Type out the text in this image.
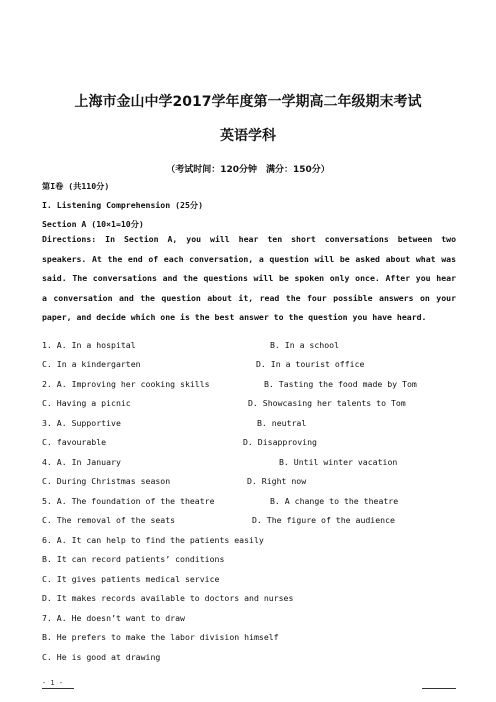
上海市金山中学2017学年度第一学期高二年级期末考试
英语学科
（考试时间：120分钟　满分：150分）
第I卷 (共110分)
I. Listening Comprehension (25分)
Section A (10×1=10分)
Directions: In Section A, you will hear ten short conversations between two speakers. At the end of each conversation, a question will be asked about what was said. The conversations and the questions will be spoken only once. After you hear a conversation and the question about it, read the four possible answers on your paper, and decide which one is the best answer to the question you have heard.
1. A. In a hospital	B. In a school
C. In a kindergarten	D. In a tourist office
2. A. Improving her cooking skills	B. Tasting the food made by Tom
C. Having a picnic	D. Showcasing her talents to Tom
3. A. Supportive	B. neutral
C. favourable	D. Disapproving
4. A. In January	B. Until winter vacation
C. During Christmas season	D. Right now
5. A. The foundation of the theatre	B. A change to the theatre
C. The removal of the seats	D. The figure of the audience
6. A. It can help to find the patients easily
B. It can record patients’ conditions
C. It gives patients medical service
D. It makes records available to doctors and nurses
7. A. He doesn’t want to draw
B. He prefers to make the labor division himself
C. He is good at drawing
- 1 -
